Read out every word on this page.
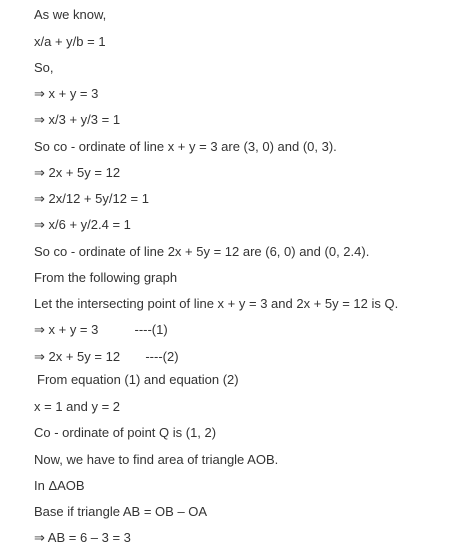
As we know,
x/a + y/b = 1
So,
⇒ x + y = 3
⇒ x/3 + y/3 = 1
So co - ordinate of line x + y = 3 are (3, 0) and (0, 3).
⇒ 2x + 5y = 12
⇒ 2x/12 + 5y/12 = 1
⇒ x/6 + y/2.4 = 1
So co - ordinate of line 2x + 5y = 12 are (6, 0) and (0, 2.4).
From the following graph
Let the intersecting point of line x + y = 3 and 2x + 5y = 12 is Q.
⇒ x + y = 3          ----(1)
⇒ 2x + 5y = 12       ----(2)
From equation (1) and equation (2)
x = 1 and y = 2
Co - ordinate of point Q is (1, 2)
Now, we have to find area of triangle AOB.
In ΔAOB
Base if triangle AB = OB – OA
⇒ AB = 6 – 3 = 3
